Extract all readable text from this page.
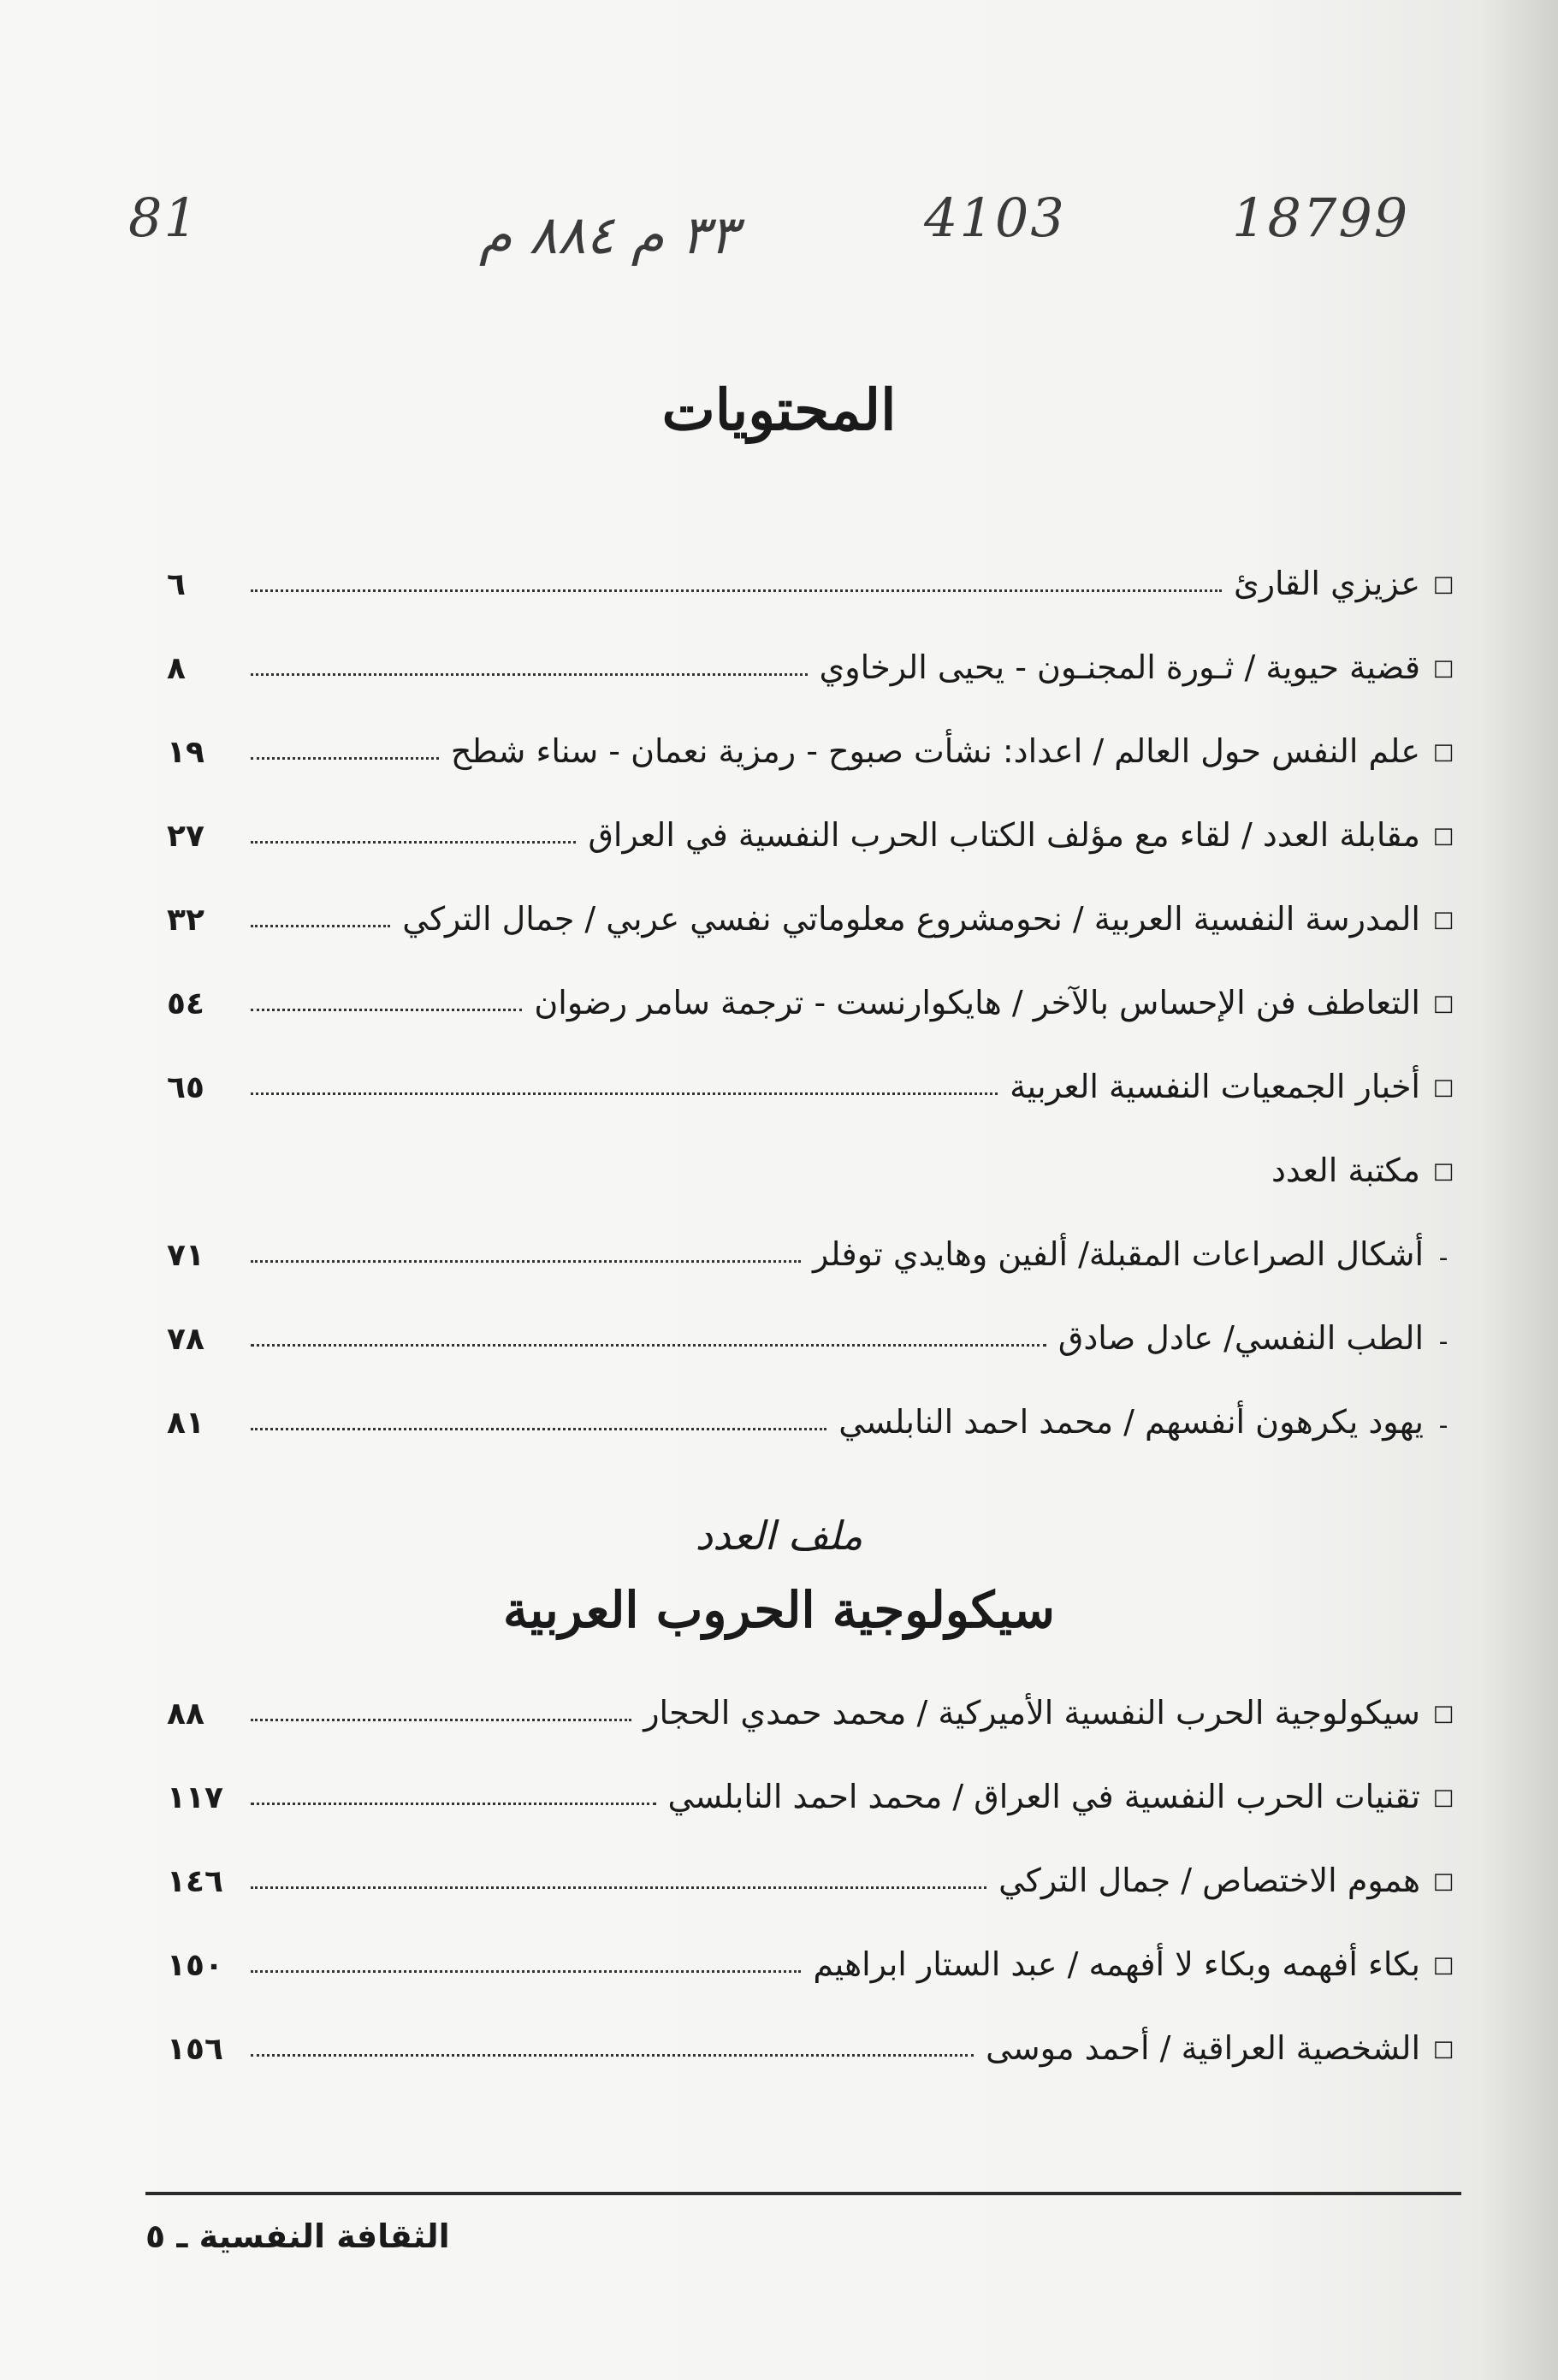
81	٣٣ م ٨٨٤ م	4103	18799
المحتويات
٦	عزيزي القارئ □
٨	قضية حيوية / ثـورة المجنـون - يحيى الرخاوي □
١٩	علم النفس حول العالم / اعداد: نشأت صبوح - رمزية نعمان - سناء شطح □
٢٧	مقابلة العدد / لقاء مع مؤلف الكتاب الحرب النفسية في العراق □
٣٢	المدرسة النفسية العربية / نحومشروع معلوماتي نفسي عربي / جمال التركي □
٥٤	التعاطف فن الإحساس بالآخر / هايكوارنست - ترجمة سامر رضوان □
٦٥	أخبار الجمعيات النفسية العربية □
مكتبة العدد □
٧١	أشكال الصراعات المقبلة/ ألفين وهايدي توفلر -
٧٨	الطب النفسي/ عادل صادق -
٨١	يهود يكرهون أنفسهم / محمد احمد النابلسي -
ملف العدد
سيكولوجية الحروب العربية
٨٨	سيكولوجية الحرب النفسية الأميركية / محمد حمدي الحجار □
١١٧	تقنيات الحرب النفسية في العراق / محمد احمد النابلسي □
١٤٦	هموم الاختصاص / جمال التركي □
١٥٠	بكاء أفهمه وبكاء لا أفهمه / عبد الستار ابراهيم □
١٥٦	الشخصية العراقية / أحمد موسى □
الثقافة النفسية ـ ٥
